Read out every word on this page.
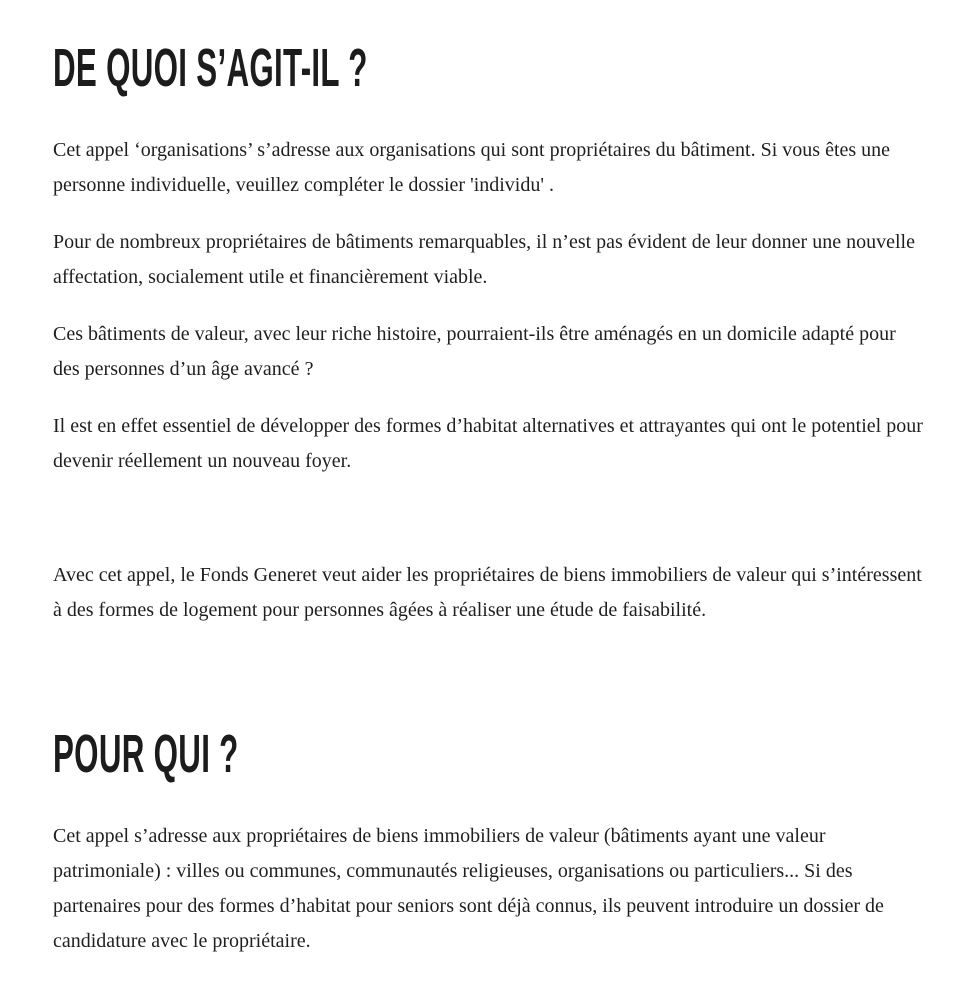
DE QUOI S’AGIT-IL ?

Cet appel ‘organisations’ s’adresse aux organisations qui sont propriétaires du bâtiment. Si vous êtes une personne individuelle, veuillez compléter le dossier 'individu' .

Pour de nombreux propriétaires de bâtiments remarquables, il n’est pas évident de leur donner une nouvelle affectation, socialement utile et financièrement viable.

Ces bâtiments de valeur, avec leur riche histoire, pourraient-ils être aménagés en un domicile adapté pour des personnes d’un âge avancé ?

Il est en effet essentiel de développer des formes d’habitat alternatives et attrayantes qui ont le potentiel pour devenir réellement un nouveau foyer.

Avec cet appel, le Fonds Generet veut aider les propriétaires de biens immobiliers de valeur qui s’intéressent à des formes de logement pour personnes âgées à réaliser une étude de faisabilité.

POUR QUI ?

Cet appel s’adresse aux propriétaires de biens immobiliers de valeur (bâtiments ayant une valeur patrimoniale) : villes ou communes, communautés religieuses, organisations ou particuliers... Si des partenaires pour des formes d’habitat pour seniors sont déjà connus, ils peuvent introduire un dossier de candidature avec le propriétaire.
